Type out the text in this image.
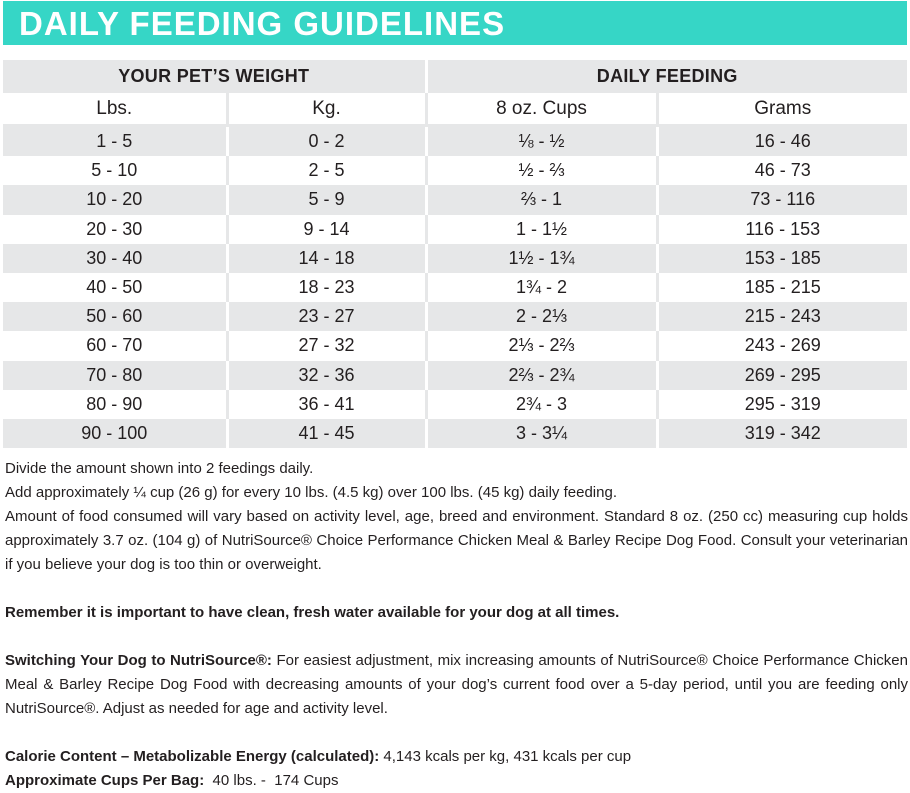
DAILY FEEDING GUIDELINES
YOUR PET’S WEIGHT		DAILY FEEDING	
Lbs.	Kg.	8 oz. Cups	Grams
1 - 5	0 - 2	⅛ - ½	16 - 46
5 - 10	2 - 5	½ - ⅔	46 - 73
10 - 20	5 - 9	⅔ - 1	73 - 116
20 - 30	9 - 14	1 - 1½	116 - 153
30 - 40	14 - 18	1½ - 1¾	153 - 185
40 - 50	18 - 23	1¾ - 2	185 - 215
50 - 60	23 - 27	2 - 2⅓	215 - 243
60 - 70	27 - 32	2⅓ - 2⅔	243 - 269
70 - 80	32 - 36	2⅔ - 2¾	269 - 295
80 - 90	36 - 41	2¾ - 3	295 - 319
90 - 100	41 - 45	3 - 3¼	319 - 342

Divide the amount shown into 2 feedings daily.

Add approximately ¼ cup (26 g) for every 10 lbs. (4.5 kg) over 100 lbs. (45 kg) daily feeding.

Amount of food consumed will vary based on activity level, age, breed and environment. Standard 8 oz. (250 cc) measuring cup holds approximately 3.7 oz. (104 g) of NutriSource® Choice Performance Chicken Meal & Barley Recipe Dog Food. Consult your veterinarian if you believe your dog is too thin or overweight.

Remember it is important to have clean, fresh water available for your dog at all times.

Switching Your Dog to NutriSource®: For easiest adjustment, mix increasing amounts of NutriSource® Choice Performance Chicken Meal & Barley Recipe Dog Food with decreasing amounts of your dog’s current food over a 5-day period, until you are feeding only NutriSource®. Adjust as needed for age and activity level.

Calorie Content – Metabolizable Energy (calculated): 4,143 kcals per kg, 431 kcals per cup

Approximate Cups Per Bag:  40 lbs. -  174 Cups
